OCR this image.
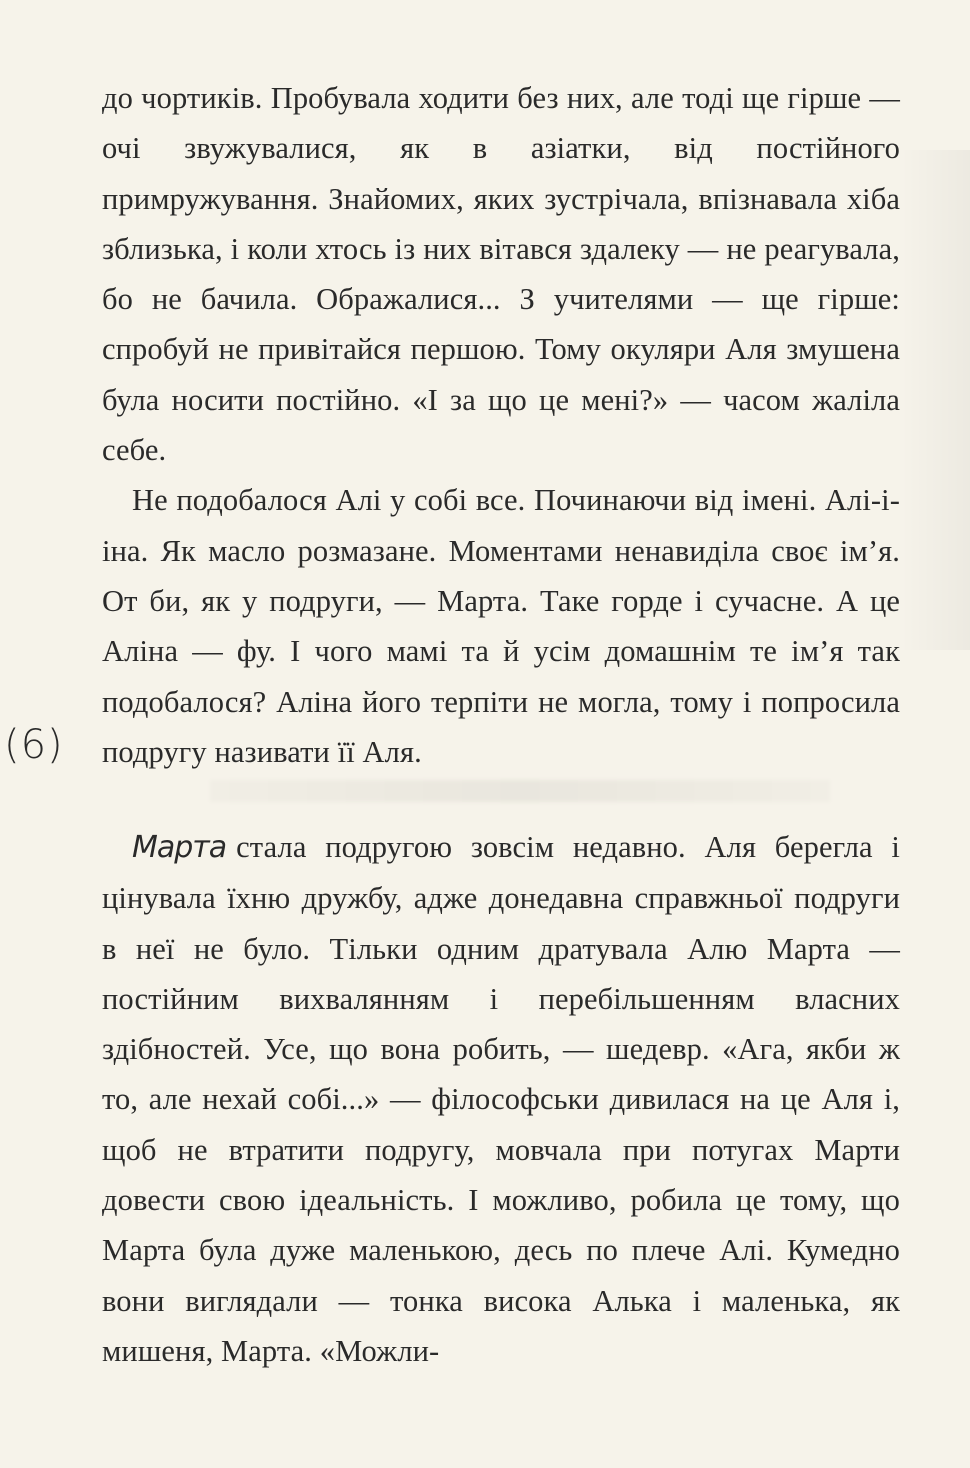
до чортиків. Пробувала ходити без них, але тоді ще гірше — очі звужувалися, як в азіатки, від постійного примружування. Знайомих, яких зустрічала, впізнавала хіба зблизька, і коли хтось із них вітався здалеку — не реагувала, бо не бачила. Ображалися... З учителями — ще гірше: спробуй не привітайся першою. Тому окуляри Аля змушена була носити постійно. «І за що це мені?» — часом жаліла себе.

Не подобалося Алі у собі все. Починаючи від імені. Алі-і-іна. Як масло розмазане. Моментами ненавиділа своє ім’я. От би, як у подруги, — Марта. Таке горде і сучасне. А це Аліна — фу. І чого мамі та й усім домашнім те ім’я так подобалося? Аліна його терпіти не могла, тому і попросила подругу називати її Аля.

(6)

Марта стала подругою зовсім недавно. Аля берегла і цінувала їхню дружбу, адже донедавна справжньої подруги в неї не було. Тільки одним дратувала Алю Марта — постійним вихвалянням і перебільшенням власних здібностей. Усе, що вона робить, — шедевр. «Ага, якби ж то, але нехай собі...» — філософськи дивилася на це Аля і, щоб не втратити подругу, мовчала при потугах Марти довести свою ідеальність. І можливо, робила це тому, що Марта була дуже маленькою, десь по плече Алі. Кумедно вони виглядали — тонка висока Алька і маленька, як мишеня, Марта. «Можли-
